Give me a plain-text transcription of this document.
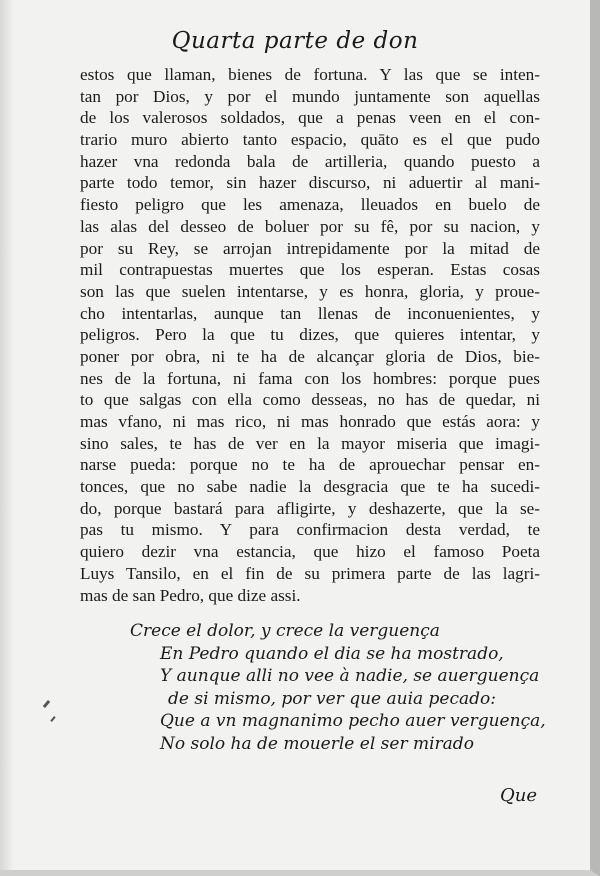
Quarta parte de don
estos que llaman, bienes de fortuna. Y las que se inten-
tan por Dios, y por el mundo juntamente son aquellas
de los valerosos soldados, que a penas veen en el con-
trario muro abierto tanto espacio, quāto es el que pudo
hazer vna redonda bala de artilleria, quando puesto a
parte todo temor, sin hazer discurso, ni aduertir al mani-
fiesto peligro que les amenaza, lleuados en buelo de
las alas del desseo de boluer por su fê, por su nacion, y
por su Rey, se arrojan intrepidamente por la mitad de
mil contrapuestas muertes que los esperan. Estas cosas
son las que suelen intentarse, y es honra, gloria, y proue-
cho intentarlas, aunque tan llenas de inconuenientes, y
peligros. Pero la que tu dizes, que quieres intentar, y
poner por obra, ni te ha de alcançar gloria de Dios, bie-
nes de la fortuna, ni fama con los hombres: porque pues
to que salgas con ella como desseas, no has de quedar, ni
mas vfano, ni mas rico, ni mas honrado que estás aora: y
sino sales, te has de ver en la mayor miseria que imagi-
narse pueda: porque no te ha de aprouechar pensar en-
tonces, que no sabe nadie la desgracia que te ha sucedi-
do, porque bastará para afligirte, y deshazerte, que la se-
pas tu mismo. Y para confirmacion desta verdad, te
quiero dezir vna estancia, que hizo el famoso Poeta
Luys Tansilo, en el fin de su primera parte de las lagri-
mas de san Pedro, que dize assi.
Crece el dolor, y crece la verguença
En Pedro quando el dia se ha mostrado,
Y aunque alli no vee à nadie, se auerguença
de si mismo, por ver que auia pecado:
Que a vn magnanimo pecho auer verguença,
No solo ha de mouerle el ser mirado
Que
